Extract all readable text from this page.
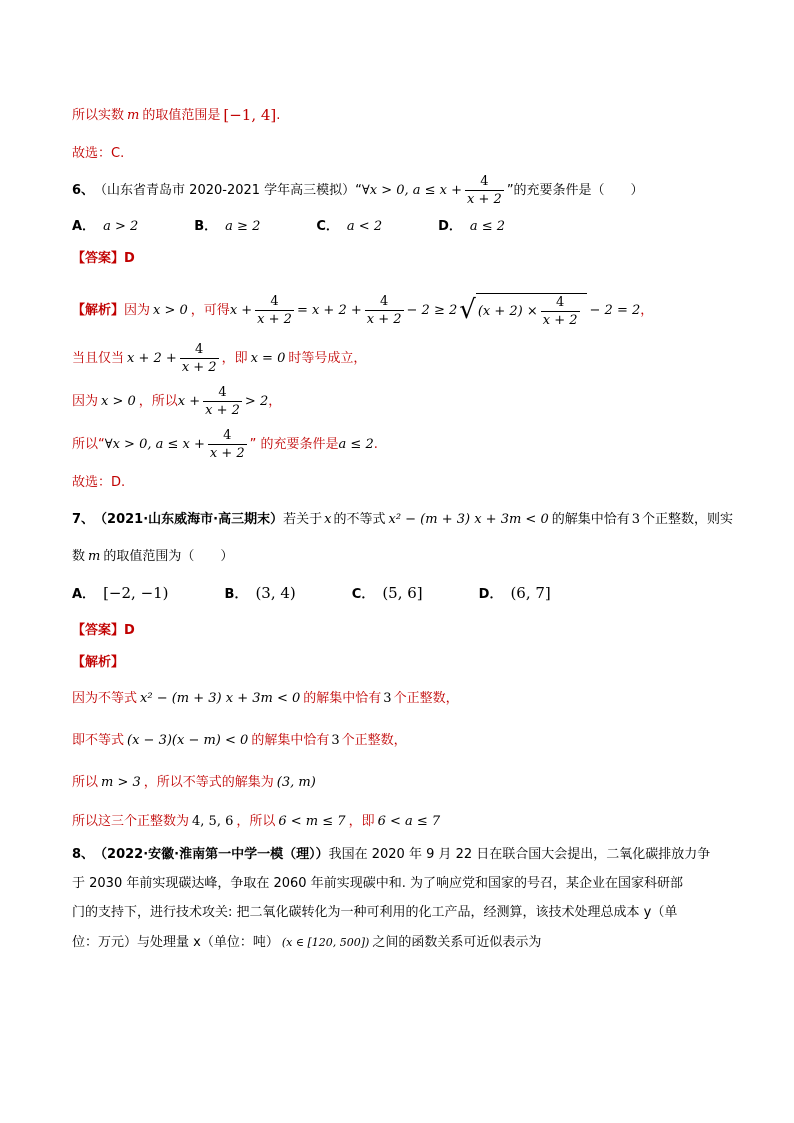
所以实数 m 的取值范围是 [−1, 4] .
故选：C.
6、 （山东省青岛市 2020-2021 学年高三模拟）“ ∀x > 0, $a \le x + \frac{4}{x + 2}$ ”的充要条件是（　　）
A． a > 2	B． a ≥ 2	C． a < 2	D． a ≤ 2
【答案】D
【解析】 因为 x > 0 ，可得 $x + \frac{4}{x + 2} = x + 2 + \frac{4}{x + 2} - 2 \ge 2$ √ $(x + 2) \times \frac{4}{x + 2} - 2 = 2$ ，
当且仅当 $x + 2 + \frac{4}{x + 2}$ ，即 x = 0 时等号成立，
因为 x > 0 ，所以 $x + \frac{4}{x + 2} > 2$ ，
所以“ ∀x > 0, $a \le x + \frac{4}{x + 2}$ ” 的充要条件是 a ≤ 2 .
故选：D.
7、 （2021·山东威海市·高三期末） 若关于 x 的不等式 x² − (m + 3) x + 3m < 0 的解集中恰有 3 个正整数，则实
数 m 的取值范围为（　　）
A． [−2, −1)	B． (3, 4)	C． (5, 6]	D． (6, 7]
【答案】D
【解析】
因为不等式 x² − (m + 3) x + 3m < 0 的解集中恰有 3 个正整数，
即不等式 (x − 3)(x − m) < 0 的解集中恰有 3 个正整数，
所以 m > 3 ，所以不等式的解集为 (3, m)
所以这三个正整数为 4, 5, 6 ，所以 6 < m ≤ 7 ，即 6 < a ≤ 7
8、 （2022·安徽·淮南第一中学一模（理）） 我国在 2020 年 9 月 22 日在联合国大会提出，二氧化碳排放力争
于 2030 年前实现碳达峰，争取在 2060 年前实现碳中和. 为了响应党和国家的号召，某企业在国家科研部
门的支持下，进行技术攻关: 把二氧化碳转化为一种可利用的化工产品，经测算，该技术处理总成本 y（单
位：万元）与处理量 x（单位：吨） (x ∈ [120, 500]) 之间的函数关系可近似表示为
